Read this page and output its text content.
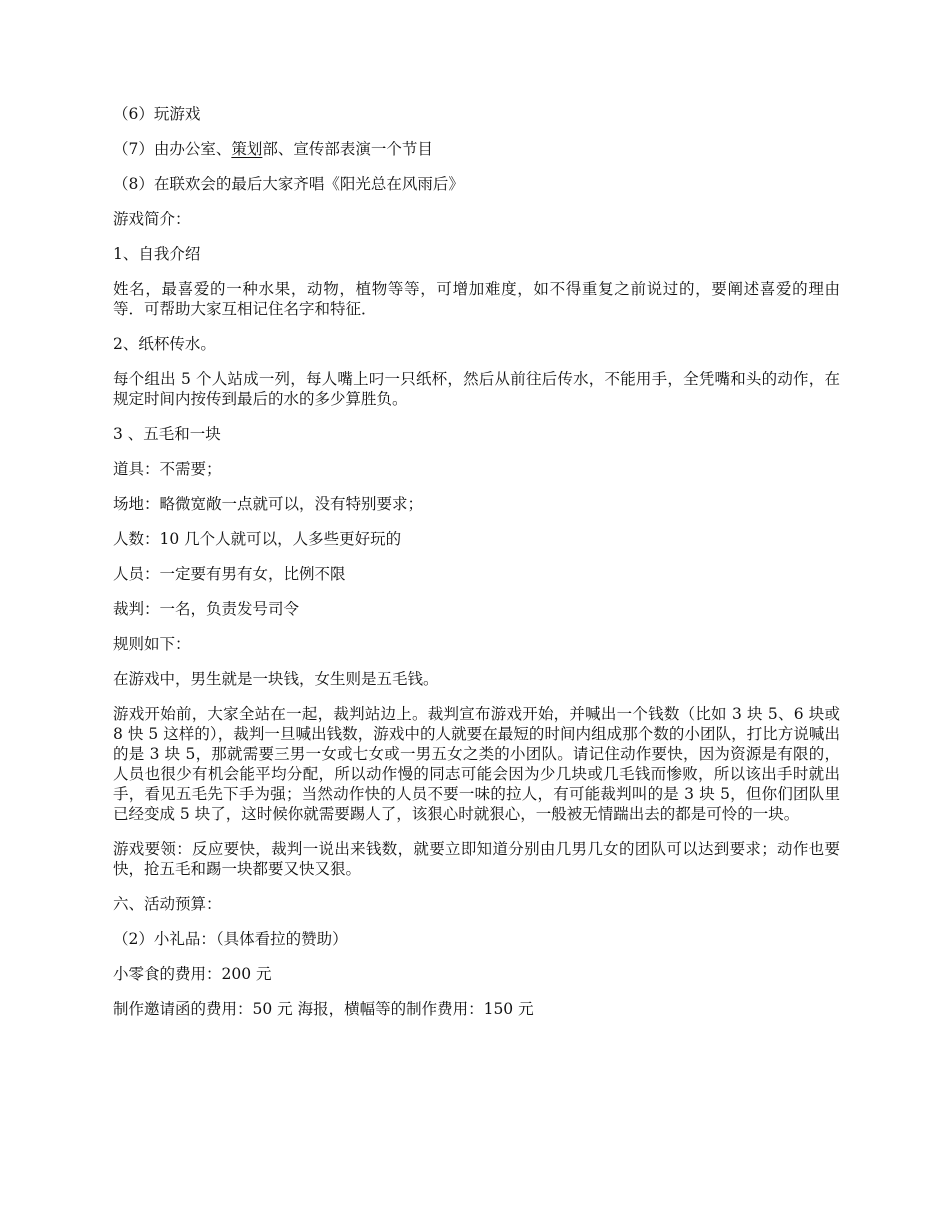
（6）玩游戏

（7）由办公室、策划部、宣传部表演一个节目

（8）在联欢会的最后大家齐唱《阳光总在风雨后》

游戏简介：

1、自我介绍

姓名，最喜爱的一种水果，动物，植物等等，可增加难度，如不得重复之前说过的，要阐述喜爱的理由等．可帮助大家互相记住名字和特征．

2、纸杯传水。

每个组出 5 个人站成一列，每人嘴上叼一只纸杯，然后从前往后传水，不能用手，全凭嘴和头的动作，在规定时间内按传到最后的水的多少算胜负。

3 、五毛和一块

道具：不需要；

场地：略微宽敞一点就可以，没有特别要求；

人数：10 几个人就可以，人多些更好玩的

人员：一定要有男有女，比例不限

裁判：一名，负责发号司令

规则如下：

在游戏中，男生就是一块钱，女生则是五毛钱。

游戏开始前，大家全站在一起，裁判站边上。裁判宣布游戏开始，并喊出一个钱数（比如 3 块 5、6 块或 8 快 5 这样的），裁判一旦喊出钱数，游戏中的人就要在最短的时间内组成那个数的小团队，打比方说喊出的是 3 块 5，那就需要三男一女或七女或一男五女之类的小团队。请记住动作要快，因为资源是有限的，人员也很少有机会能平均分配，所以动作慢的同志可能会因为少几块或几毛钱而惨败，所以该出手时就出手，看见五毛先下手为强；当然动作快的人员不要一味的拉人，有可能裁判叫的是 3 块 5，但你们团队里已经变成 5 块了，这时候你就需要踢人了，该狠心时就狠心，一般被无情踹出去的都是可怜的一块。

游戏要领：反应要快，裁判一说出来钱数，就要立即知道分别由几男几女的团队可以达到要求；动作也要快，抢五毛和踢一块都要又快又狠。

六、活动预算：

（2）小礼品：（具体看拉的赞助）

小零食的费用：200 元

制作邀请函的费用：50 元 海报，横幅等的制作费用：150 元
